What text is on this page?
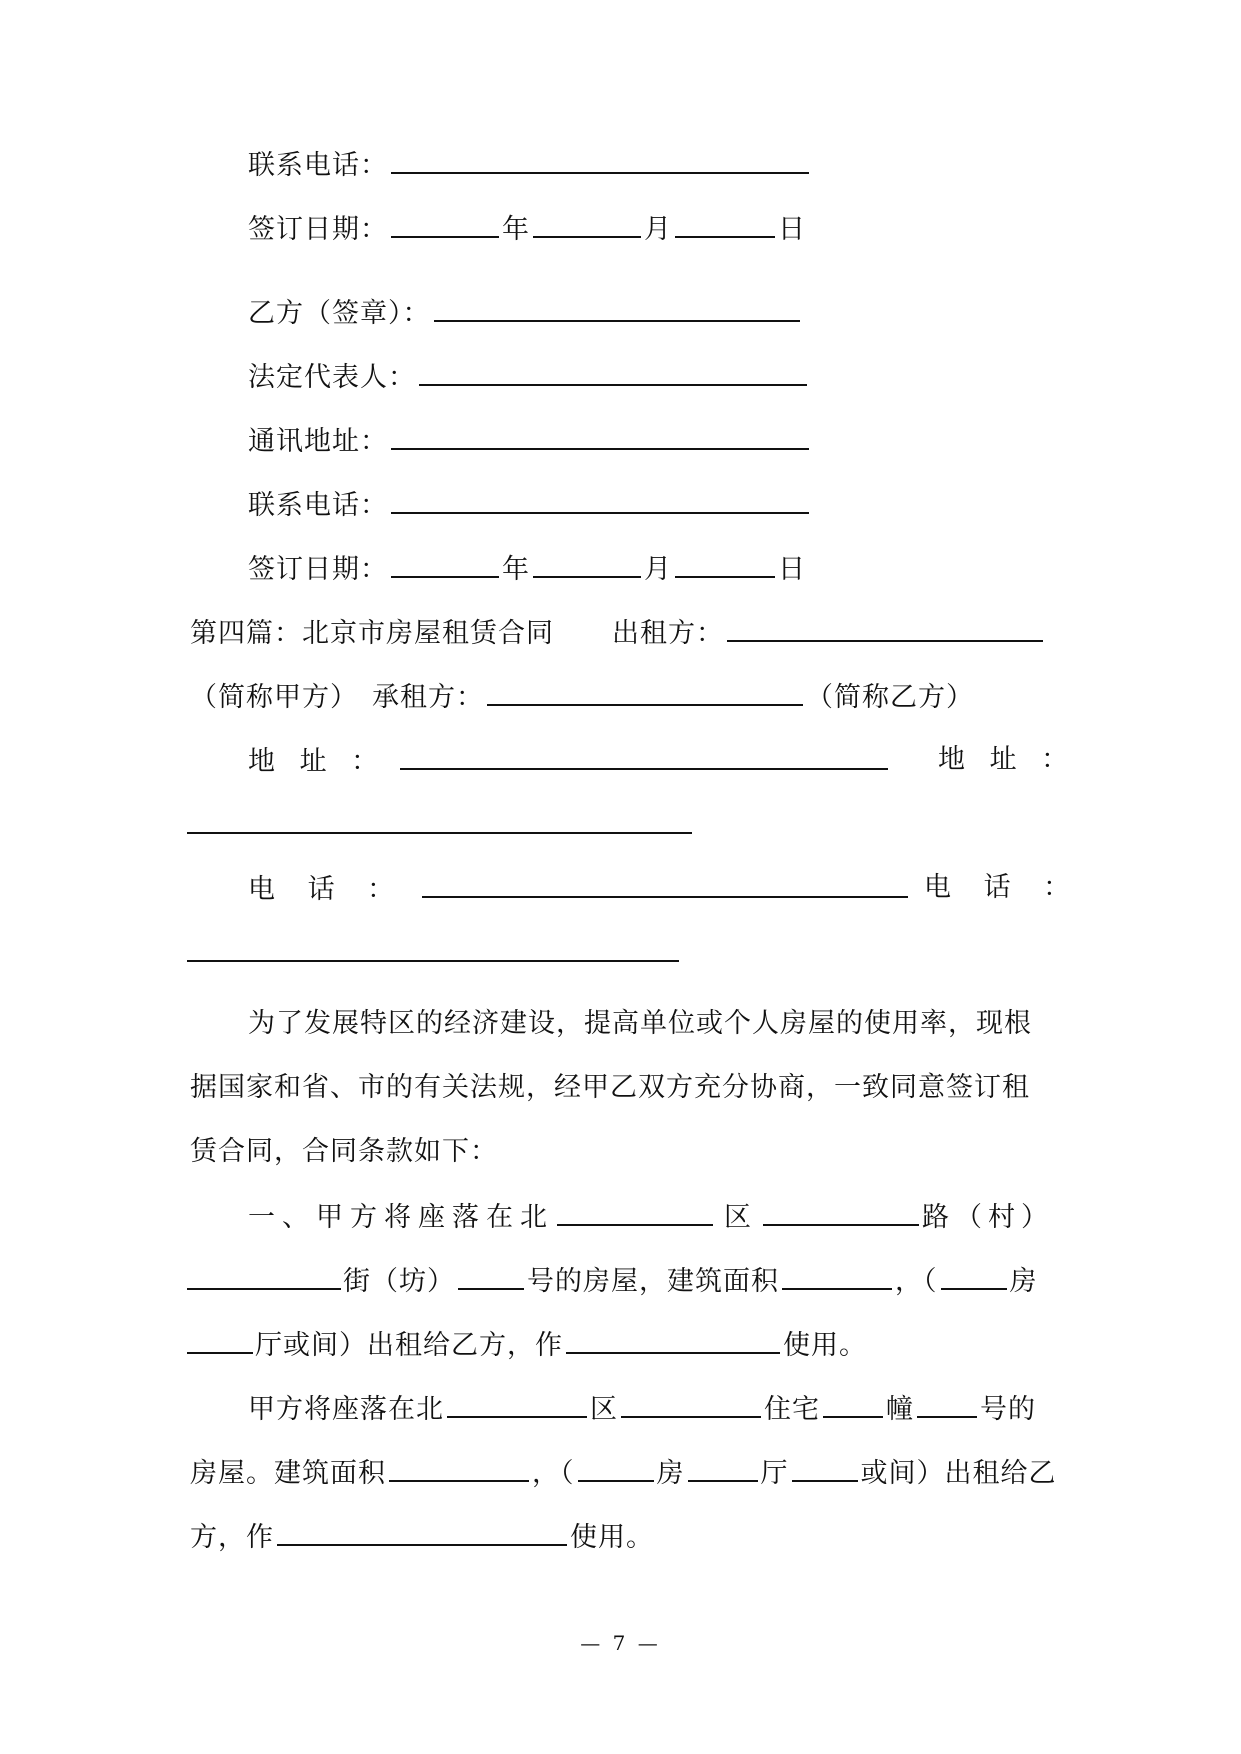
联系电话：
签订日期：	年	月	日
乙方（签章）：
法定代表人：
通讯地址：
联系电话：
签订日期：	年	月	日
第四篇：北京市房屋租赁合同 出租方：
（简称甲方） 承租方：	（简称乙方）
地 址 ：	地 址 ：
电 话 ：	电 话 ：
为了发展特区的经济建设，提高单位或个人房屋的使用率，现根
据国家和省、市的有关法规，经甲乙双方充分协商，一致同意签订租
赁合同，合同条款如下：
一、甲方将座落在北	区	路（村）
街（坊）	号的房屋，建筑面积	，（	房
厅或间）出租给乙方，作	使用。
甲方将座落在北	区	住宅 幢 号的
房屋。建筑面积	，（	房	厅	或间）出租给乙
方，作	使用。
— 7 —
